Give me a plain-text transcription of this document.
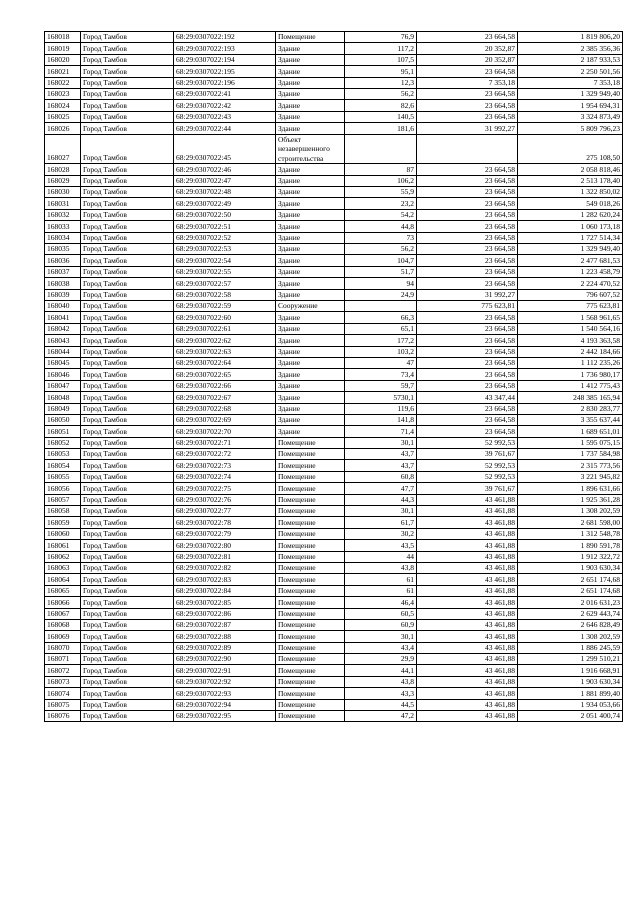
168018	Город Тамбов	68:29:0307022:192	Помещение	76,9	23 664,58	1 819 806,20
168019	Город Тамбов	68:29:0307022:193	Здание	117,2	20 352,87	2 385 356,36
168020	Город Тамбов	68:29:0307022:194	Здание	107,5	20 352,87	2 187 933,53
168021	Город Тамбов	68:29:0307022:195	Здание	95,1	23 664,58	2 250 501,56
168022	Город Тамбов	68:29:0307022:196	Здание	12,3	7 353,18	7 353,18
168023	Город Тамбов	68:29:0307022:41	Здание	56,2	23 664,58	1 329 949,40
168024	Город Тамбов	68:29:0307022:42	Здание	82,6	23 664,58	1 954 694,31
168025	Город Тамбов	68:29:0307022:43	Здание	140,5	23 664,58	3 324 873,49
168026	Город Тамбов	68:29:0307022:44	Здание	181,6	31 992,27	5 809 796,23
168027	Город Тамбов	68:29:0307022:45	Объект незавершенного строительства			275 108,50
168028	Город Тамбов	68:29:0307022:46	Здание	87	23 664,58	2 058 818,46
168029	Город Тамбов	68:29:0307022:47	Здание	106,2	23 664,58	2 513 178,40
168030	Город Тамбов	68:29:0307022:48	Здание	55,9	23 664,58	1 322 850,02
168031	Город Тамбов	68:29:0307022:49	Здание	23,2	23 664,58	549 018,26
168032	Город Тамбов	68:29:0307022:50	Здание	54,2	23 664,58	1 282 620,24
168033	Город Тамбов	68:29:0307022:51	Здание	44,8	23 664,58	1 060 173,18
168034	Город Тамбов	68:29:0307022:52	Здание	73	23 664,58	1 727 514,34
168035	Город Тамбов	68:29:0307022:53	Здание	56,2	23 664,58	1 329 949,40
168036	Город Тамбов	68:29:0307022:54	Здание	104,7	23 664,58	2 477 681,53
168037	Город Тамбов	68:29:0307022:55	Здание	51,7	23 664,58	1 223 458,79
168038	Город Тамбов	68:29:0307022:57	Здание	94	23 664,58	2 224 470,52
168039	Город Тамбов	68:29:0307022:58	Здание	24,9	31 992,27	796 607,52
168040	Город Тамбов	68:29:0307022:59	Сооружение		775 623,81	775 623,81
168041	Город Тамбов	68:29:0307022:60	Здание	66,3	23 664,58	1 568 961,65
168042	Город Тамбов	68:29:0307022:61	Здание	65,1	23 664,58	1 540 564,16
168043	Город Тамбов	68:29:0307022:62	Здание	177,2	23 664,58	4 193 363,58
168044	Город Тамбов	68:29:0307022:63	Здание	103,2	23 664,58	2 442 184,66
168045	Город Тамбов	68:29:0307022:64	Здание	47	23 664,58	1 112 235,26
168046	Город Тамбов	68:29:0307022:65	Здание	73,4	23 664,58	1 736 980,17
168047	Город Тамбов	68:29:0307022:66	Здание	59,7	23 664,58	1 412 775,43
168048	Город Тамбов	68:29:0307022:67	Здание	5730,1	43 347,44	248 385 165,94
168049	Город Тамбов	68:29:0307022:68	Здание	119,6	23 664,58	2 830 283,77
168050	Город Тамбов	68:29:0307022:69	Здание	141,8	23 664,58	3 355 637,44
168051	Город Тамбов	68:29:0307022:70	Здание	71,4	23 664,58	1 689 651,01
168052	Город Тамбов	68:29:0307022:71	Помещение	30,1	52 992,53	1 595 075,15
168053	Город Тамбов	68:29:0307022:72	Помещение	43,7	39 761,67	1 737 584,98
168054	Город Тамбов	68:29:0307022:73	Помещение	43,7	52 992,53	2 315 773,56
168055	Город Тамбов	68:29:0307022:74	Помещение	60,8	52 992,53	3 221 945,82
168056	Город Тамбов	68:29:0307022:75	Помещение	47,7	39 761,67	1 896 631,66
168057	Город Тамбов	68:29:0307022:76	Помещение	44,3	43 461,88	1 925 361,28
168058	Город Тамбов	68:29:0307022:77	Помещение	30,1	43 461,88	1 308 202,59
168059	Город Тамбов	68:29:0307022:78	Помещение	61,7	43 461,88	2 681 598,00
168060	Город Тамбов	68:29:0307022:79	Помещение	30,2	43 461,88	1 312 548,78
168061	Город Тамбов	68:29:0307022:80	Помещение	43,5	43 461,88	1 890 591,78
168062	Город Тамбов	68:29:0307022:81	Помещение	44	43 461,88	1 912 322,72
168063	Город Тамбов	68:29:0307022:82	Помещение	43,8	43 461,88	1 903 630,34
168064	Город Тамбов	68:29:0307022:83	Помещение	61	43 461,88	2 651 174,68
168065	Город Тамбов	68:29:0307022:84	Помещение	61	43 461,88	2 651 174,68
168066	Город Тамбов	68:29:0307022:85	Помещение	46,4	43 461,88	2 016 631,23
168067	Город Тамбов	68:29:0307022:86	Помещение	60,5	43 461,88	2 629 443,74
168068	Город Тамбов	68:29:0307022:87	Помещение	60,9	43 461,88	2 646 828,49
168069	Город Тамбов	68:29:0307022:88	Помещение	30,1	43 461,88	1 308 202,59
168070	Город Тамбов	68:29:0307022:89	Помещение	43,4	43 461,88	1 886 245,59
168071	Город Тамбов	68:29:0307022:90	Помещение	29,9	43 461,88	1 299 510,21
168072	Город Тамбов	68:29:0307022:91	Помещение	44,1	43 461,88	1 916 668,91
168073	Город Тамбов	68:29:0307022:92	Помещение	43,8	43 461,88	1 903 630,34
168074	Город Тамбов	68:29:0307022:93	Помещение	43,3	43 461,88	1 881 899,40
168075	Город Тамбов	68:29:0307022:94	Помещение	44,5	43 461,88	1 934 053,66
168076	Город Тамбов	68:29:0307022:95	Помещение	47,2	43 461,88	2 051 400,74
